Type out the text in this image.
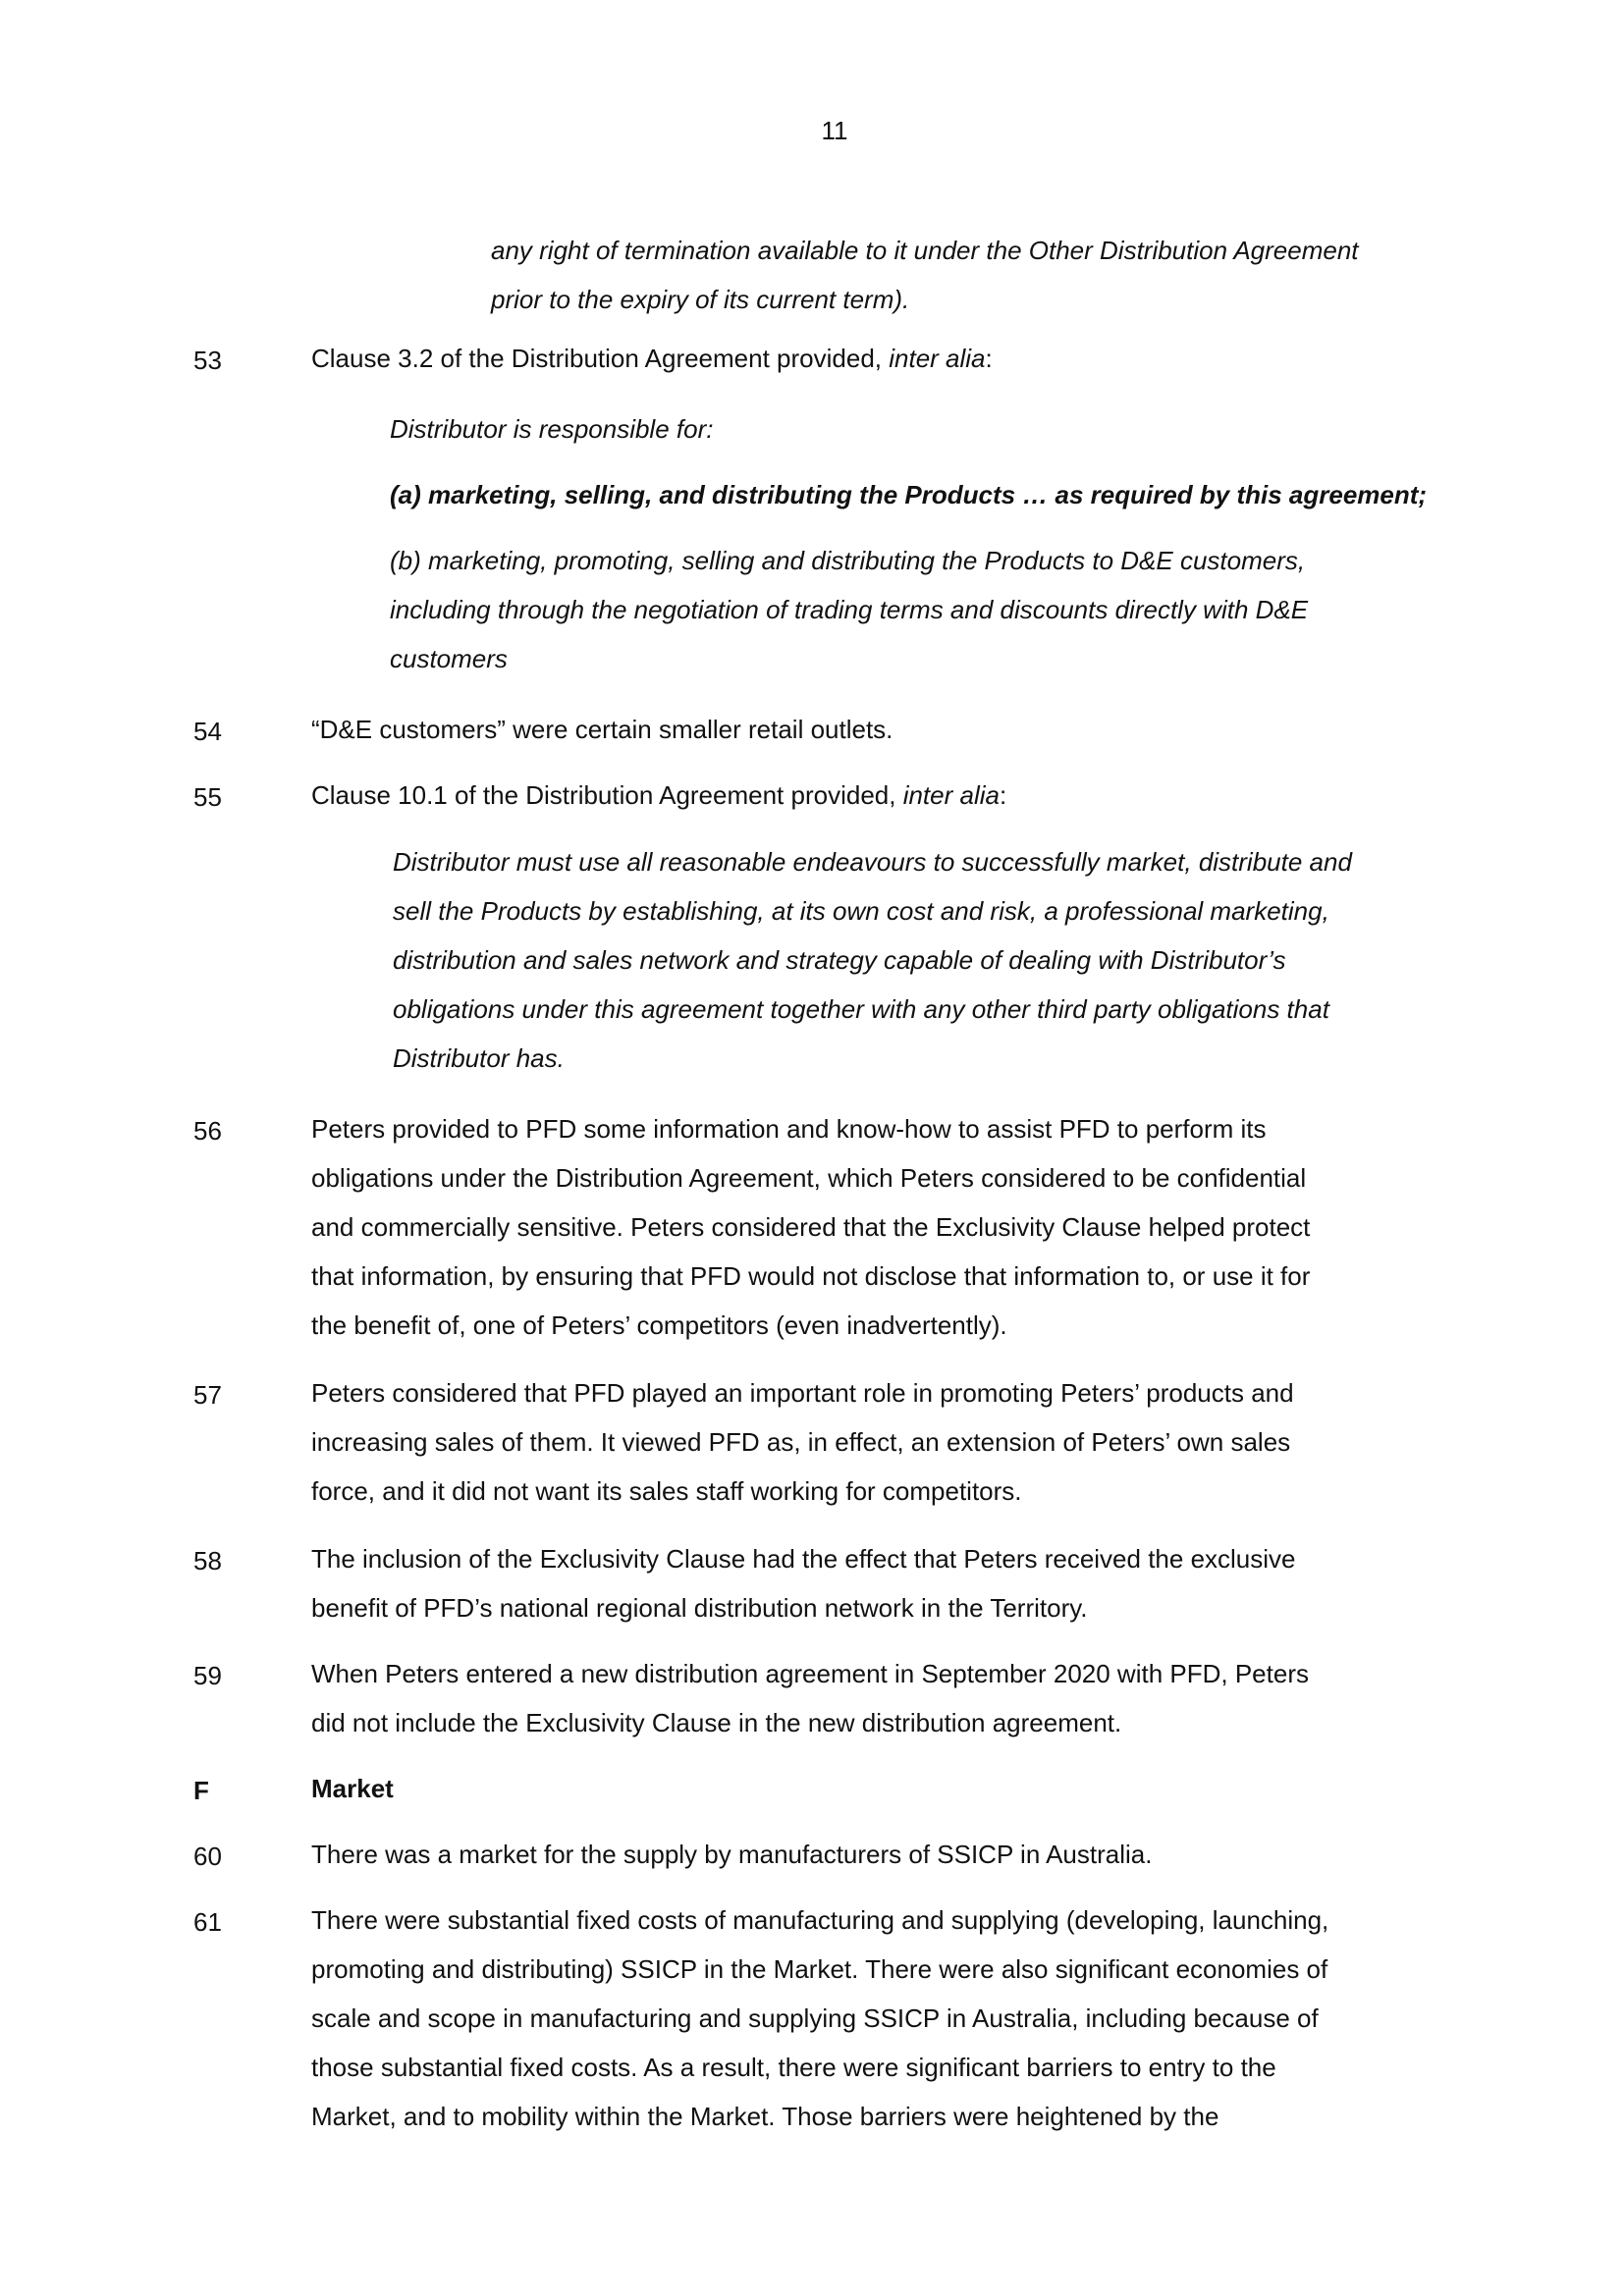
11
any right of termination available to it under the Other Distribution Agreement
prior to the expiry of its current term).
53	Clause 3.2 of the Distribution Agreement provided, inter alia:
Distributor is responsible for:
(a) marketing, selling, and distributing the Products … as required by this agreement;
(b) marketing, promoting, selling and distributing the Products to D&E customers,
including through the negotiation of trading terms and discounts directly with D&E
customers
54	“D&E customers” were certain smaller retail outlets.
55	Clause 10.1 of the Distribution Agreement provided, inter alia:
Distributor must use all reasonable endeavours to successfully market, distribute and
sell the Products by establishing, at its own cost and risk, a professional marketing,
distribution and sales network and strategy capable of dealing with Distributor’s
obligations under this agreement together with any other third party obligations that
Distributor has.
56	Peters provided to PFD some information and know-how to assist PFD to perform its
obligations under the Distribution Agreement, which Peters considered to be confidential
and commercially sensitive. Peters considered that the Exclusivity Clause helped protect
that information, by ensuring that PFD would not disclose that information to, or use it for
the benefit of, one of Peters’ competitors (even inadvertently).
57	Peters considered that PFD played an important role in promoting Peters’ products and
increasing sales of them. It viewed PFD as, in effect, an extension of Peters’ own sales
force, and it did not want its sales staff working for competitors.
58	The inclusion of the Exclusivity Clause had the effect that Peters received the exclusive
benefit of PFD’s national regional distribution network in the Territory.
59	When Peters entered a new distribution agreement in September 2020 with PFD, Peters
did not include the Exclusivity Clause in the new distribution agreement.
F	Market
60	There was a market for the supply by manufacturers of SSICP in Australia.
61	There were substantial fixed costs of manufacturing and supplying (developing, launching,
promoting and distributing) SSICP in the Market. There were also significant economies of
scale and scope in manufacturing and supplying SSICP in Australia, including because of
those substantial fixed costs. As a result, there were significant barriers to entry to the
Market, and to mobility within the Market. Those barriers were heightened by the
